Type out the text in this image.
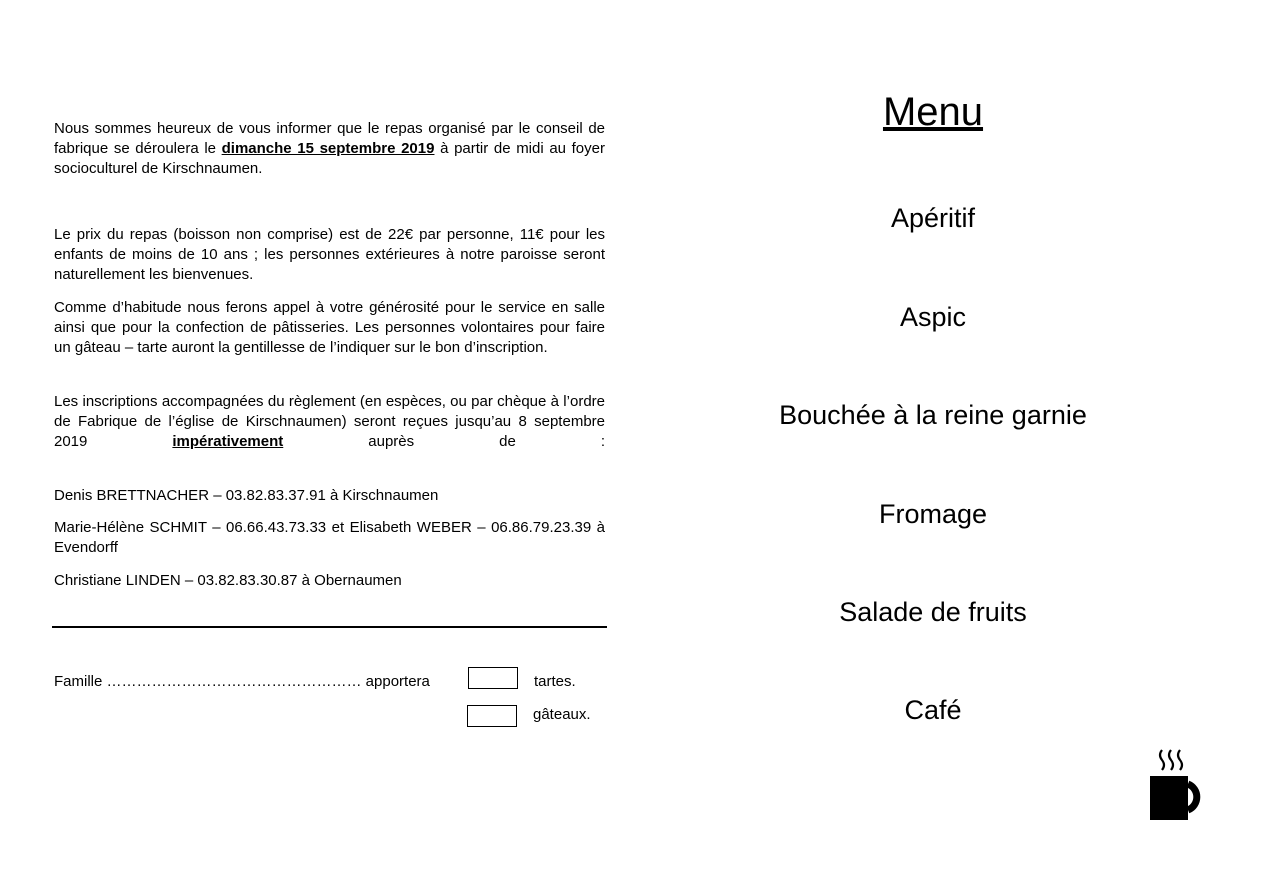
Nous sommes heureux de vous informer que le repas organisé par le conseil de fabrique se déroulera le dimanche 15 septembre 2019 à partir de midi au foyer socioculturel de Kirschnaumen.

Le prix du repas (boisson non comprise) est de 22€ par personne, 11€ pour les enfants de moins de 10 ans ; les personnes extérieures à notre paroisse seront naturellement les bienvenues.

Comme d’habitude nous ferons appel à votre générosité pour le service en salle ainsi que pour la confection de pâtisseries. Les personnes volontaires pour faire un gâteau – tarte auront la gentillesse de l’indiquer sur le bon d’inscription.

Les inscriptions accompagnées du règlement (en espèces, ou par chèque à l’ordre de Fabrique de l’église de Kirschnaumen) seront reçues jusqu’au 8 septembre 2019 impérativement auprès de :

Denis BRETTNACHER – 03.82.83.37.91 à Kirschnaumen

Marie-Hélène SCHMIT – 06.66.43.73.33 et Elisabeth WEBER – 06.86.79.23.39 à Evendorff

Christiane LINDEN – 03.82.83.30.87 à Obernaumen

Famille …………………………………………… apportera	tartes.
gâteaux.
Menu
Apéritif
Aspic
Bouchée à la reine garnie
Fromage
Salade de fruits
Café
